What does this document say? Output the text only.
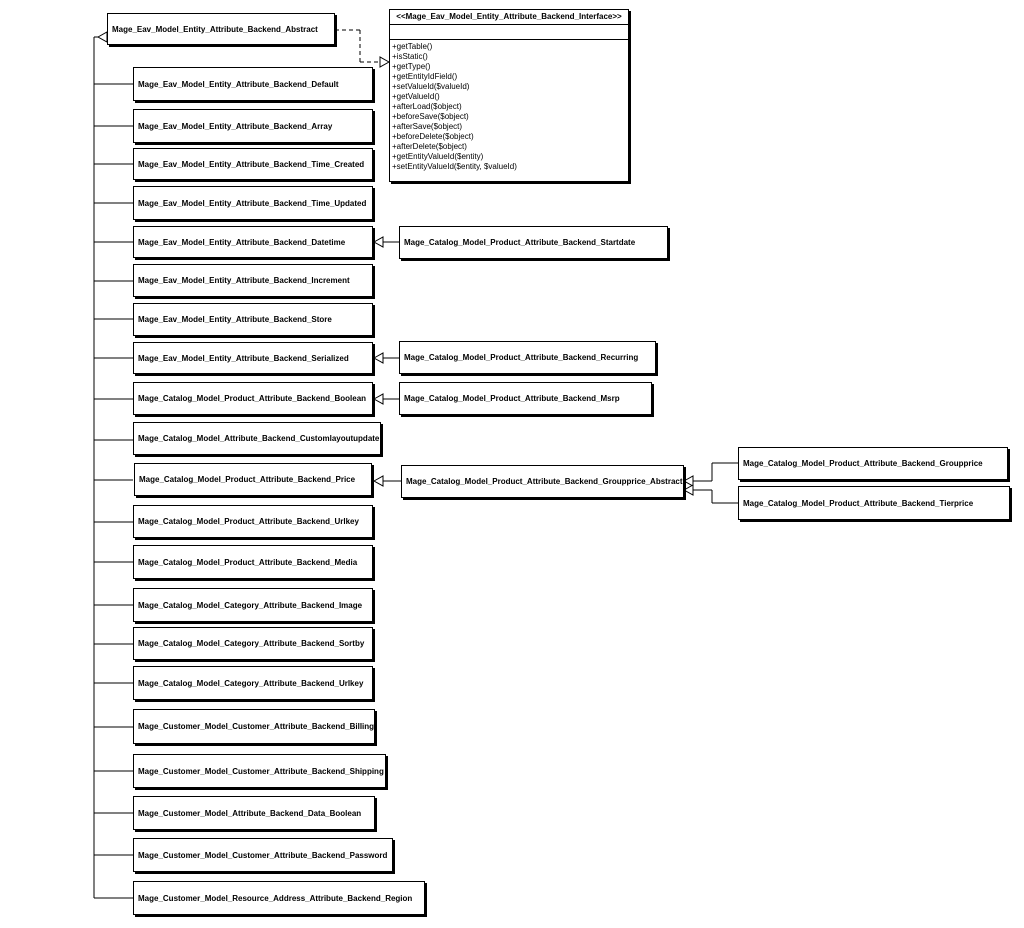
Mage_Eav_Model_Entity_Attribute_Backend_Abstract
<<Mage_Eav_Model_Entity_Attribute_Backend_Interface>>
+getTable()
+isStatic()
+getType()
+getEntityIdField()
+setValueId($valueId)
+getValueId()
+afterLoad($object)
+beforeSave($object)
+afterSave($object)
+beforeDelete($object)
+afterDelete($object)
+getEntityValueId($entity)
+setEntityValueId($entity, $valueId)
Mage_Eav_Model_Entity_Attribute_Backend_Default
Mage_Eav_Model_Entity_Attribute_Backend_Array
Mage_Eav_Model_Entity_Attribute_Backend_Time_Created
Mage_Eav_Model_Entity_Attribute_Backend_Time_Updated
Mage_Eav_Model_Entity_Attribute_Backend_Datetime
Mage_Eav_Model_Entity_Attribute_Backend_Increment
Mage_Eav_Model_Entity_Attribute_Backend_Store
Mage_Eav_Model_Entity_Attribute_Backend_Serialized
Mage_Catalog_Model_Product_Attribute_Backend_Boolean
Mage_Catalog_Model_Attribute_Backend_Customlayoutupdate
Mage_Catalog_Model_Product_Attribute_Backend_Price
Mage_Catalog_Model_Product_Attribute_Backend_Urlkey
Mage_Catalog_Model_Product_Attribute_Backend_Media
Mage_Catalog_Model_Category_Attribute_Backend_Image
Mage_Catalog_Model_Category_Attribute_Backend_Sortby
Mage_Catalog_Model_Category_Attribute_Backend_Urlkey
Mage_Customer_Model_Customer_Attribute_Backend_Billing
Mage_Customer_Model_Customer_Attribute_Backend_Shipping
Mage_Customer_Model_Attribute_Backend_Data_Boolean
Mage_Customer_Model_Customer_Attribute_Backend_Password
Mage_Customer_Model_Resource_Address_Attribute_Backend_Region
Mage_Catalog_Model_Product_Attribute_Backend_Startdate
Mage_Catalog_Model_Product_Attribute_Backend_Recurring
Mage_Catalog_Model_Product_Attribute_Backend_Msrp
Mage_Catalog_Model_Product_Attribute_Backend_Groupprice_Abstract
Mage_Catalog_Model_Product_Attribute_Backend_Groupprice
Mage_Catalog_Model_Product_Attribute_Backend_Tierprice
